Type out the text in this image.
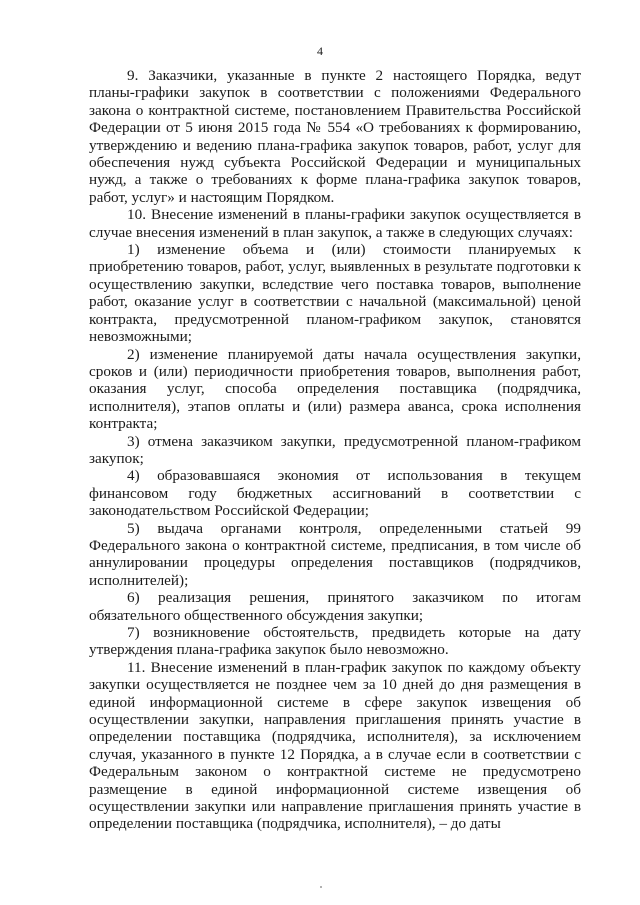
4

9. Заказчики, указанные в пункте 2 настоящего Порядка, ведут планы-графики закупок в соответствии с положениями Федерального закона о контрактной системе, постановлением Правительства Российской Федерации от 5 июня 2015 года № 554 «О требованиях к формированию, утверждению и ведению плана-графика закупок товаров, работ, услуг для обеспечения нужд субъекта Российской Федерации и муниципальных нужд, а также о требованиях к форме плана-графика закупок товаров, работ, услуг» и настоящим Порядком.

10. Внесение изменений в планы-графики закупок осуществляется в случае внесения изменений в план закупок, а также в следующих случаях:

1) изменение объема и (или) стоимости планируемых к приобретению товаров, работ, услуг, выявленных в результате подготовки к осуществлению закупки, вследствие чего поставка товаров, выполнение работ, оказание услуг в соответствии с начальной (максимальной) ценой контракта, предусмотренной планом-графиком закупок, становятся невозможными;

2) изменение планируемой даты начала осуществления закупки, сроков и (или) периодичности приобретения товаров, выполнения работ, оказания услуг, способа определения поставщика (подрядчика, исполнителя), этапов оплаты и (или) размера аванса, срока исполнения контракта;

3) отмена заказчиком закупки, предусмотренной планом-графиком закупок;

4) образовавшаяся экономия от использования в текущем финансовом году бюджетных ассигнований в соответствии с законодательством Российской Федерации;

5) выдача органами контроля, определенными статьей 99 Федерального закона о контрактной системе, предписания, в том числе об аннулировании процедуры определения поставщиков (подрядчиков, исполнителей);

6) реализация решения, принятого заказчиком по итогам обязательного общественного обсуждения закупки;

7) возникновение обстоятельств, предвидеть которые на дату утверждения плана-графика закупок было невозможно.

11. Внесение изменений в план-график закупок по каждому объекту закупки осуществляется не позднее чем за 10 дней до дня размещения в единой информационной системе в сфере закупок извещения об осуществлении закупки, направления приглашения принять участие в определении поставщика (подрядчика, исполнителя), за исключением случая, указанного в пункте 12 Порядка, а в случае если в соответствии с Федеральным законом о контрактной системе не предусмотрено размещение в единой информационной системе извещения об осуществлении закупки или направление приглашения принять участие в определении поставщика (подрядчика, исполнителя), – до даты
